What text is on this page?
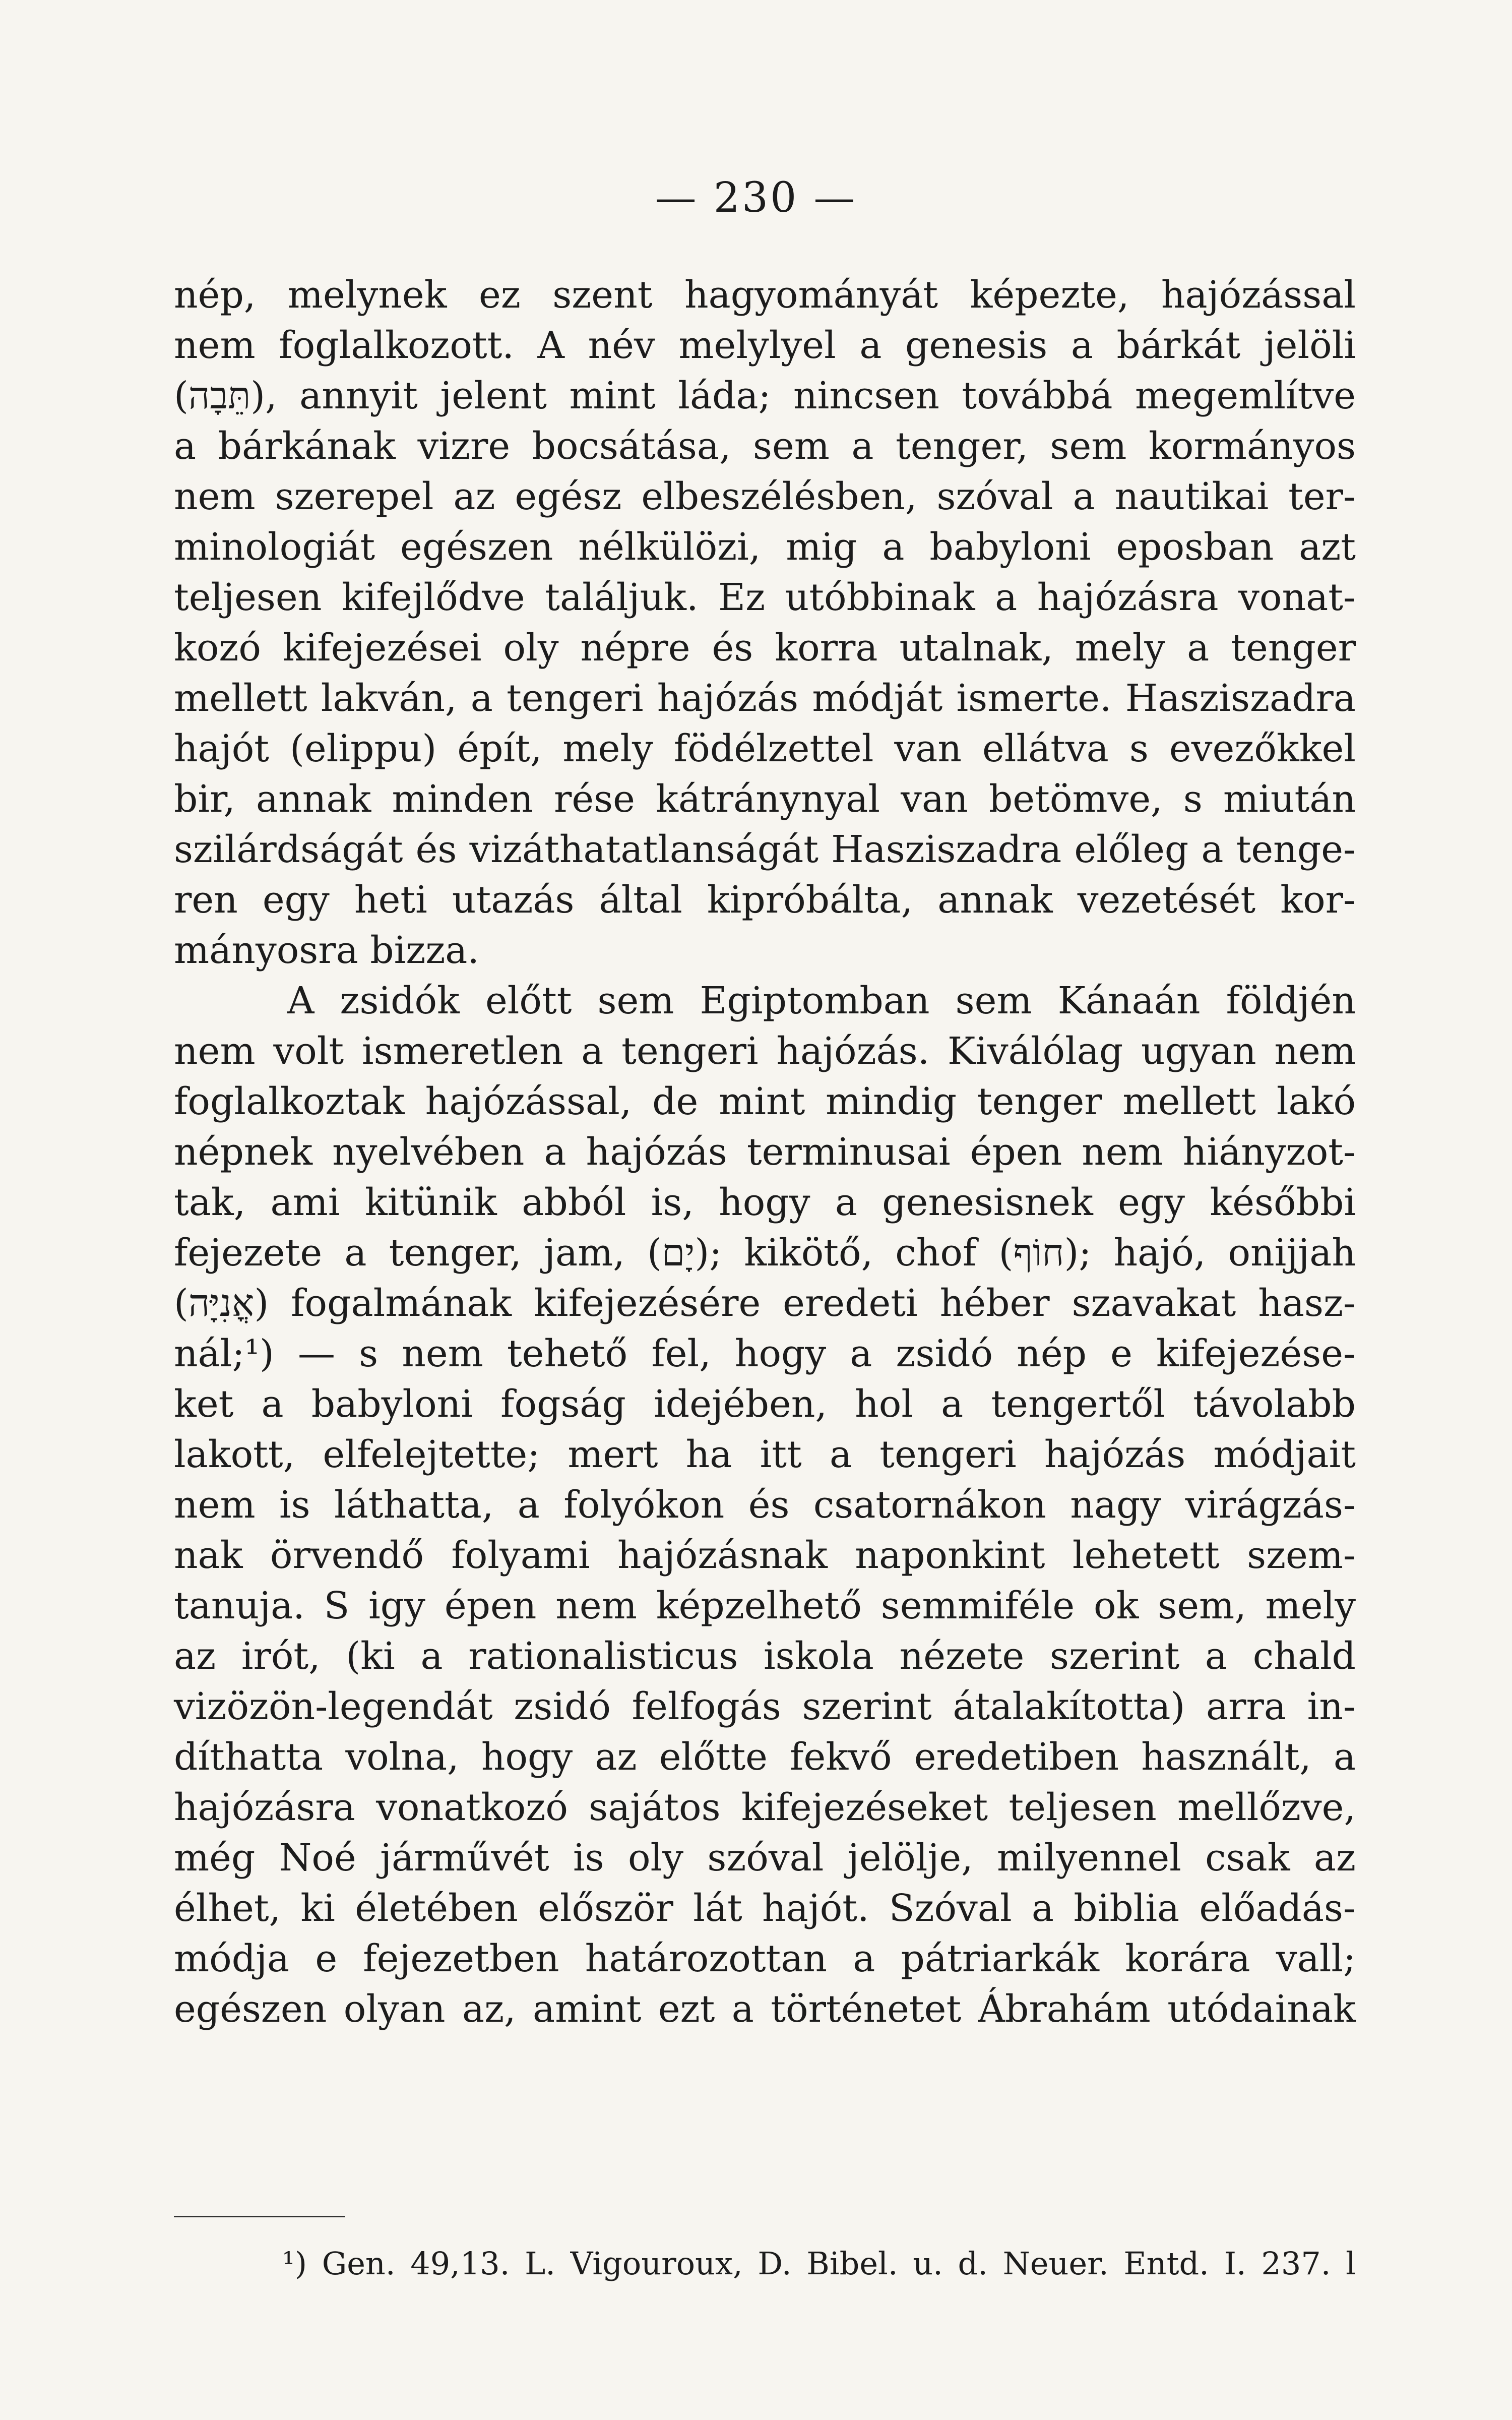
— 230 —
nép, melynek ez szent hagyományát képezte, hajózással
nem foglalkozott. A név melylyel a genesis a bárkát jelöli
(תֵּבָה), annyit jelent mint láda; nincsen továbbá megemlítve
a bárkának vizre bocsátása, sem a tenger, sem kormányos
nem szerepel az egész elbeszélésben, szóval a nautikai ter-
minologiát egészen nélkülözi, mig a babyloni eposban azt
teljesen kifejlődve találjuk. Ez utóbbinak a hajózásra vonat-
kozó kifejezései oly népre és korra utalnak, mely a tenger
mellett lakván, a tengeri hajózás módját ismerte. Hasziszadra
hajót (elippu) épít, mely födélzettel van ellátva s evezőkkel
bir, annak minden rése kátránynyal van betömve, s miután
szilárdságát és vizáthatatlanságát Hasziszadra előleg a tenge-
ren egy heti utazás által kipróbálta, annak vezetését kor-
mányosra bizza.
A zsidók előtt sem Egiptomban sem Kánaán földjén
nem volt ismeretlen a tengeri hajózás. Kiválólag ugyan nem
foglalkoztak hajózással, de mint mindig tenger mellett lakó
népnek nyelvében a hajózás terminusai épen nem hiányzot-
tak, ami kitünik abból is, hogy a genesisnek egy későbbi
fejezete a tenger, jam, (יָם); kikötő, chof (חוֹף); hajó, onijjah
(אֳנִיָּה) fogalmának kifejezésére eredeti héber szavakat hasz-
nál;¹) — s nem tehető fel, hogy a zsidó nép e kifejezése-
ket a babyloni fogság idejében, hol a tengertől távolabb
lakott, elfelejtette; mert ha itt a tengeri hajózás módjait
nem is láthatta, a folyókon és csatornákon nagy virágzás-
nak örvendő folyami hajózásnak naponkint lehetett szem-
tanuja. S igy épen nem képzelhető semmiféle ok sem, mely
az irót, (ki a rationalisticus iskola nézete szerint a chald
vizözön-legendát zsidó felfogás szerint átalakította) arra in-
díthatta volna, hogy az előtte fekvő eredetiben használt, a
hajózásra vonatkozó sajátos kifejezéseket teljesen mellőzve,
még Noé járművét is oly szóval jelölje, milyennel csak az
élhet, ki életében először lát hajót. Szóval a biblia előadás-
módja e fejezetben határozottan a pátriarkák korára vall;
egészen olyan az, amint ezt a történetet Ábrahám utódainak
¹) Gen. 49,13. L. Vigouroux, D. Bibel. u. d. Neuer. Entd. I. 237. l
